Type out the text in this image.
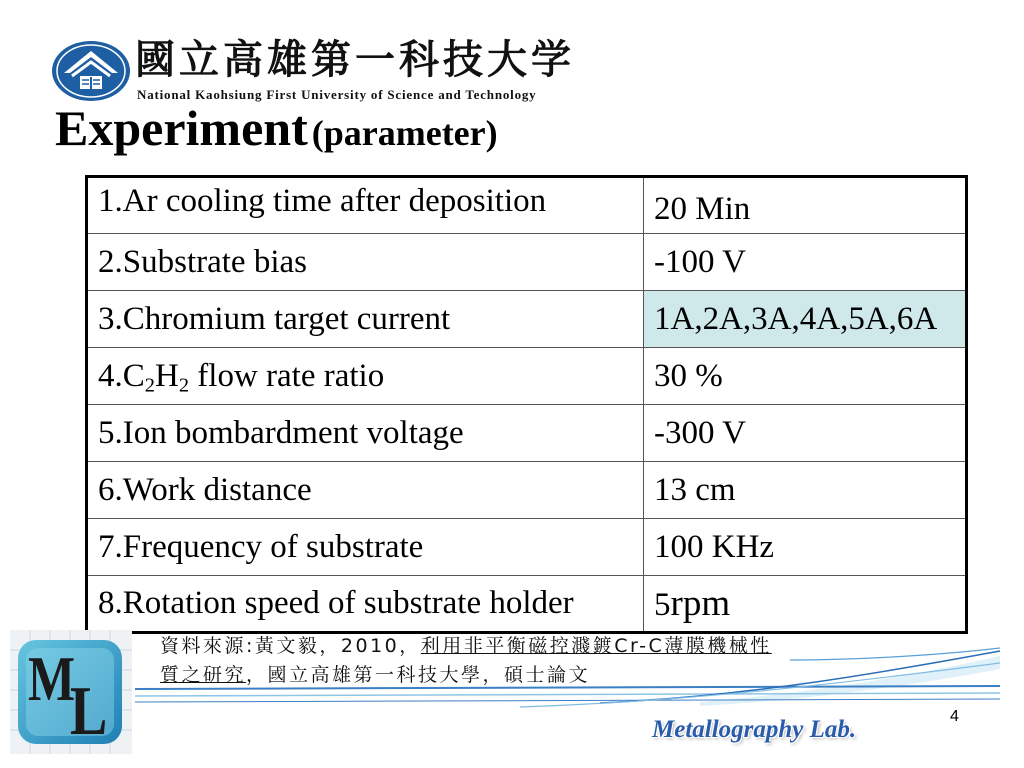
國立高雄第一科技大学
National Kaohsiung First University of Science and Technology
Experiment (parameter)
1.Ar cooling time after deposition	20 Min
2.Substrate bias	-100 V
3.Chromium target current	1A,2A,3A,4A,5A,6A
$4.C_2H_2$ flow rate ratio	30 %
5.Ion bombardment voltage	-300 V
6.Work distance	13 cm
7.Frequency of substrate	100 KHz
8.Rotation speed of substrate holder	5rpm
資料來源:黃文毅，2010，利用非平衡磁控濺鍍Cr-C薄膜機械性
質之研究，國立高雄第一科技大學，碩士論文
M
L	4
Metallography Lab.
